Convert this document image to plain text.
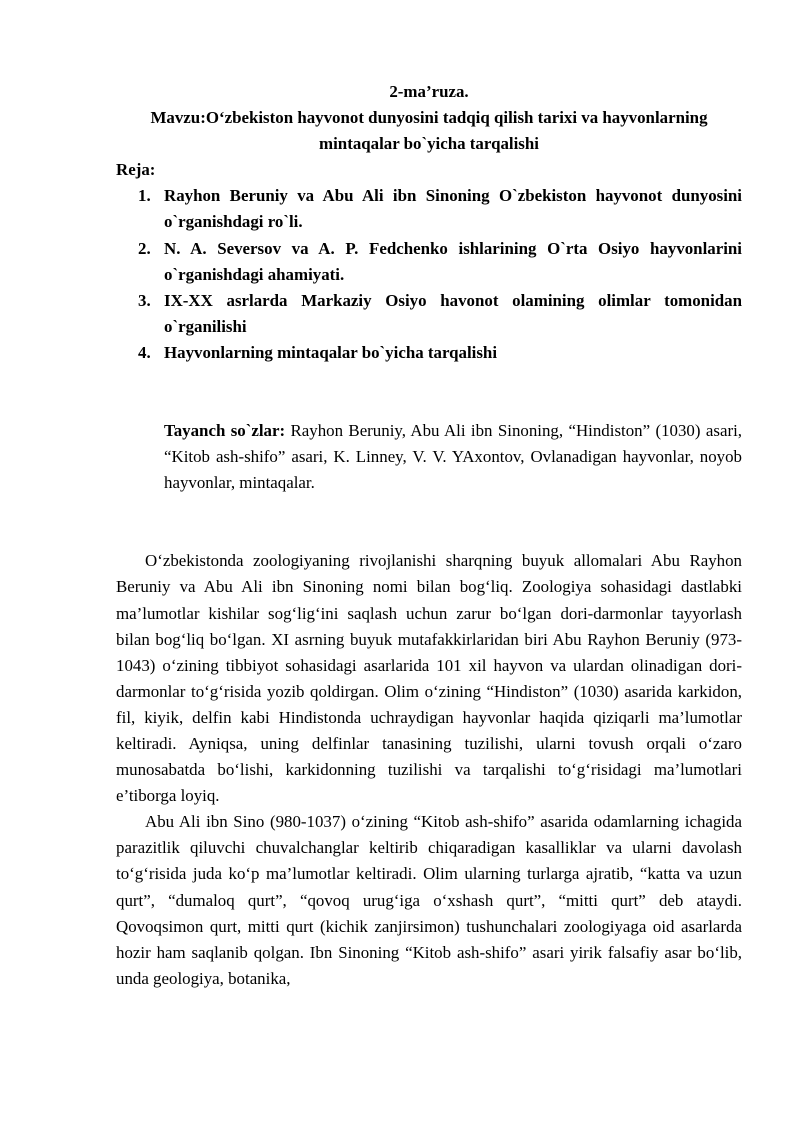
2-ma’ruza.
Mavzu:O‘zbekiston hayvonot dunyosini tadqiq qilish tarixi va hayvonlarning
mintaqalar bo`yicha tarqalishi
Reja:
1. Rayhon Beruniy va Abu Ali ibn Sinoning O`zbekiston hayvonot dunyosini o`rganishdagi ro`li.
2. N. A. Seversov va A. P. Fedchenko ishlarining O`rta Osiyo hayvonlarini o`rganishdagi ahamiyati.
3. IX-XX asrlarda Markaziy Osiyo havonot olamining olimlar tomonidan o`rganilishi
4. Hayvonlarning mintaqalar bo`yicha tarqalishi
Tayanch so`zlar: Rayhon Beruniy, Abu Ali ibn Sinoning, “Hindiston” (1030) asari, “Kitob ash-shifo” asari, K. Linney, V. V. YAxontov, Ovlanadigan hayvonlar, noyob hayvonlar, mintaqalar.

O‘zbekistonda zoologiyaning rivojlanishi sharqning buyuk allomalari Abu Rayhon Beruniy va Abu Ali ibn Sinoning nomi bilan bog‘liq. Zoologiya sohasidagi dastlabki ma’lumotlar kishilar sog‘lig‘ini saqlash uchun zarur bo‘lgan dori-darmonlar tayyorlash bilan bog‘liq bo‘lgan. XI asrning buyuk mutafakkirlaridan biri Abu Rayhon Beruniy (973-1043) o‘zining tibbiyot sohasidagi asarlarida 101 xil hayvon va ulardan olinadigan dori-darmonlar to‘g‘risida yozib qoldirgan. Olim o‘zining “Hindiston” (1030) asarida karkidon, fil, kiyik, delfin kabi Hindistonda uchraydigan hayvonlar haqida qiziqarli ma’lumotlar keltiradi. Ayniqsa, uning delfinlar tanasining tuzilishi, ularni tovush orqali o‘zaro munosabatda bo‘lishi, karkidonning tuzilishi va tarqalishi to‘g‘risidagi ma’lumotlari e’tiborga loyiq.

Abu Ali ibn Sino (980-1037) o‘zining “Kitob ash-shifo” asarida odamlarning ichagida parazitlik qiluvchi chuvalchanglar keltirib chiqaradigan kasalliklar va ularni davolash to‘g‘risida juda ko‘p ma’lumotlar keltiradi. Olim ularning turlarga ajratib, “katta va uzun qurt”, “dumaloq qurt”, “qovoq urug‘iga o‘xshash qurt”, “mitti qurt” deb ataydi. Qovoqsimon qurt, mitti qurt (kichik zanjirsimon) tushunchalari zoologiyaga oid asarlarda hozir ham saqlanib qolgan. Ibn Sinoning “Kitob ash-shifo” asari yirik falsafiy asar bo‘lib, unda geologiya, botanika,
